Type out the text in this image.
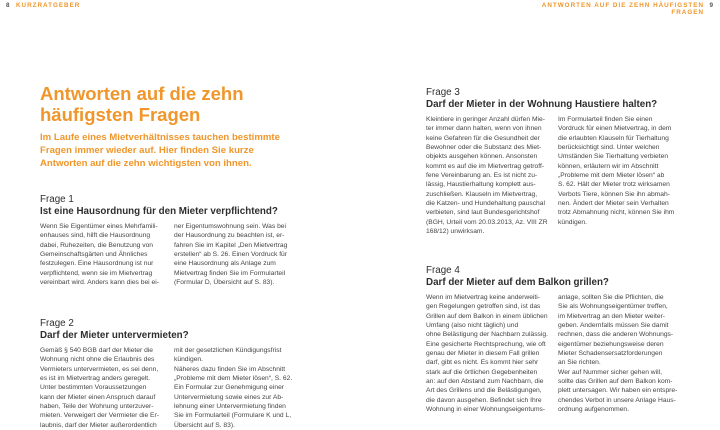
8 KURZRATGEBER	ANTWORTEN AUF DIE ZEHN HÄUFIGSTEN FRAGEN
9
Antworten auf die zehn häufigsten Fragen
Im Laufe eines Mietverhältnisses tauchen bestimmte Fragen immer wieder auf. Hier finden Sie kurze Antworten auf die zehn wichtigsten von ihnen.
Frage 1
Ist eine Hausordnung für den Mieter verpflichtend?
Wenn Sie Eigentümer eines Mehrfamili-
enhauses sind, hilft die Hausordnung
dabei, Ruhezeiten, die Benutzung von
Gemeinschaftsgärten und Ähnliches
festzulegen. Eine Hausordnung ist nur
verpflichtend, wenn sie im Mietvertrag
vereinbart wird. Anders kann dies bei ei-
ner Eigentumswohnung sein. Was bei
der Hausordnung zu beachten ist, er-
fahren Sie im Kapitel „Den Mietvertrag
erstellen“ ab S. 26. Einen Vordruck für
eine Hausordnung als Anlage zum
Mietvertrag finden Sie im Formularteil
(Formular D, Übersicht auf S. 83).
Frage 2
Darf der Mieter untervermieten?
Gemäß § 540 BGB darf der Mieter die
Wohnung nicht ohne die Erlaubnis des
Vermieters untervermieten, es sei denn,
es ist im Mietvertrag anders geregelt.
Unter bestimmten Voraussetzungen
kann der Mieter einen Anspruch darauf
haben, Teile der Wohnung unterzuver-
mieten. Verweigert der Vermieter die Er-
laubnis, darf der Mieter außerordentlich
mit der gesetzlichen Kündigungsfrist
kündigen.
Näheres dazu finden Sie im Abschnitt
„Probleme mit dem Mieter lösen“, S. 62.
Ein Formular zur Genehmigung einer
Untervermietung sowie eines zur Ab-
lehnung einer Untervermietung finden
Sie im Formularteil (Formulare K und L,
Übersicht auf S. 83).
Frage 3
Darf der Mieter in der Wohnung Haustiere halten?
Kleintiere in geringer Anzahl dürfen Mie-
ter immer dann halten, wenn von ihnen
keine Gefahren für die Gesundheit der
Bewohner oder die Substanz des Miet-
objekts ausgehen können. Ansonsten
kommt es auf die im Mietvertrag getroff-
fene Vereinbarung an. Es ist nicht zu-
lässig, Haustierhaltung komplett aus-
zuschließen. Klauseln im Mietvertrag,
die Katzen- und Hundehaltung pauschal
verbieten, sind laut Bundesgerichtshof
(BGH, Urteil vom 20.03.2013, Az. VIII ZR
168/12) unwirksam.
Im Formularteil finden Sie einen
Vordruck für einen Mietvertrag, in dem
die erlaubten Klauseln für Tierhaltung
berücksichtigt sind. Unter welchen
Umständen Sie Tierhaltung verbieten
können, erläutern wir im Abschnitt
„Probleme mit dem Mieter lösen“ ab
S. 62. Hält der Mieter trotz wirksamen
Verbots Tiere, können Sie ihn abmah-
nen. Ändert der Mieter sein Verhalten
trotz Abmahnung nicht, können Sie ihm
kündigen.
Frage 4
Darf der Mieter auf dem Balkon grillen?
Wenn im Mietvertrag keine anderweiti-
gen Regelungen getroffen sind, ist das
Grillen auf dem Balkon in einem üblichen
Umfang (also nicht täglich) und
ohne Belästigung der Nachbarn zulässig.
Eine gesicherte Rechtsprechung, wie oft
genau der Mieter in diesem Fall grillen
darf, gibt es nicht. Es kommt hier sehr
stark auf die örtlichen Gegebenheiten
an: auf den Abstand zum Nachbarn, die
Art des Grillens und die Belästigungen,
die davon ausgehen. Befindet sich Ihre
Wohnung in einer Wohnungseigentums-
anlage, sollten Sie die Pflichten, die
Sie als Wohnungseigentümer treffen,
im Mietvertrag an den Mieter weiter-
geben. Andernfalls müssen Sie damit
rechnen, dass die anderen Wohnungs-
eigentümer beziehungsweise deren
Mieter Schadensersatzforderungen
an Sie richten.
Wer auf Nummer sicher gehen will,
sollte das Grillen auf dem Balkon kom-
plett untersagen. Wir haben ein entspre-
chendes Verbot in unsere Anlage Haus-
ordnung aufgenommen.
